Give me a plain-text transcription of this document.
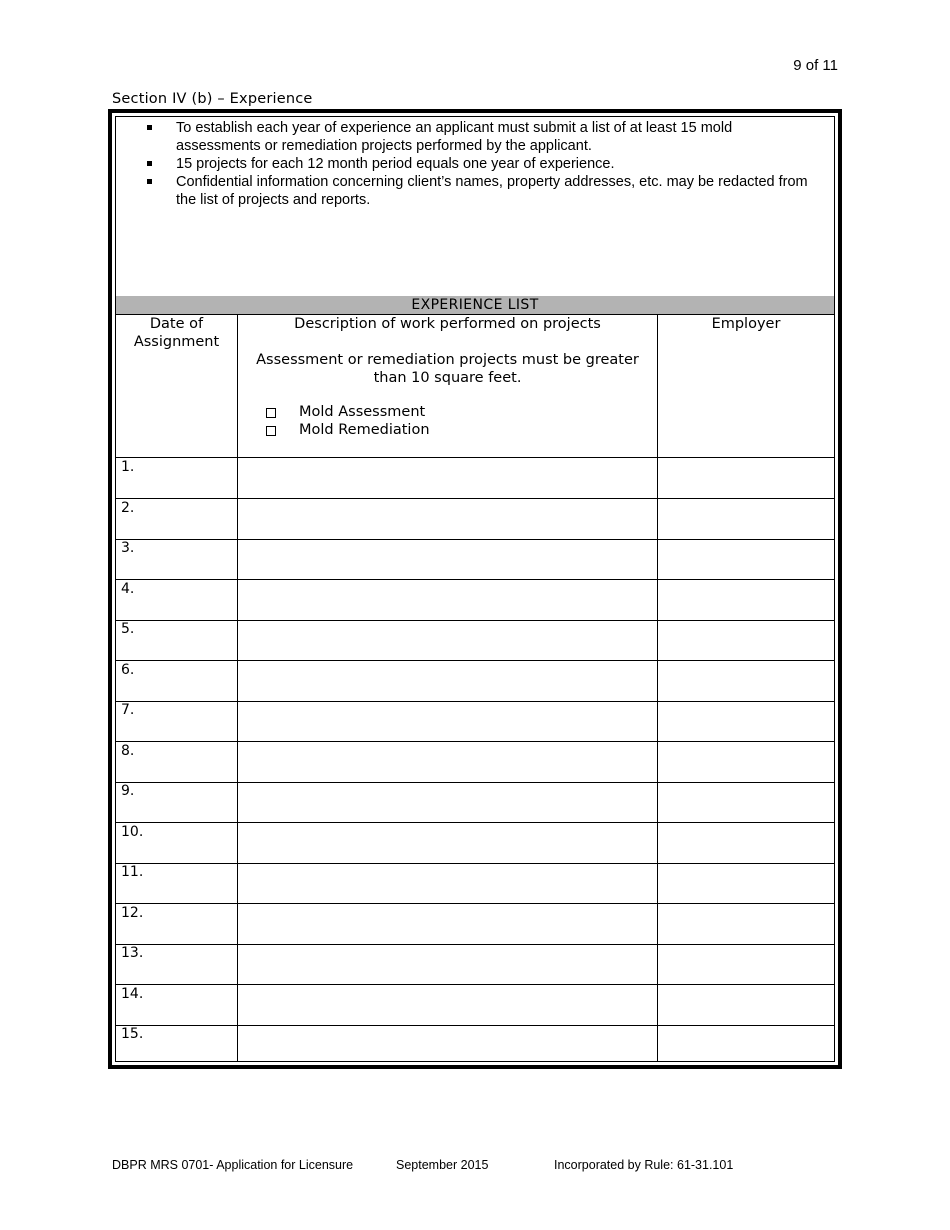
9 of 11
Section IV (b) – Experience
To establish each year of experience an applicant must submit a list of at least 15 mold assessments or remediation projects performed by the applicant.
15 projects for each 12 month period equals one year of experience.
Confidential information concerning client’s names, property addresses, etc. may be redacted from the list of projects and reports.
EXPERIENCE LIST
Date of Assignment
Description of work performed on projects
Assessment or remediation projects must be greater than 10 square feet.
Mold Assessment
Mold Remediation
Employer
1.
2.
3.
4.
5.
6.
7.
8.
9.
10.
11.
12.
13.
14.
15.
DBPR MRS 0701- Application for Licensure	September 2015	Incorporated by Rule: 61-31.101
